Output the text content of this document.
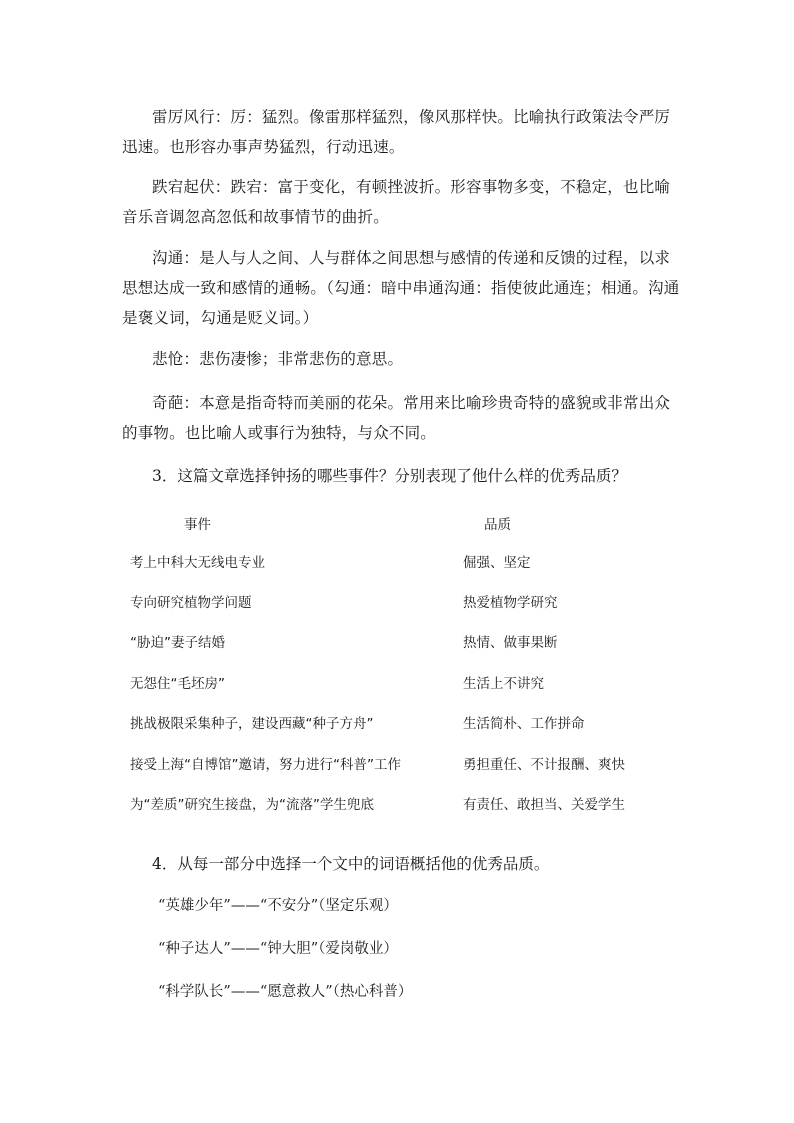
雷厉风行：厉：猛烈。像雷那样猛烈，像风那样快。比喻执行政策法令严厉迅速。也形容办事声势猛烈，行动迅速。

跌宕起伏：跌宕：富于变化，有顿挫波折。形容事物多变，不稳定，也比喻音乐音调忽高忽低和故事情节的曲折。

沟通：是人与人之间、人与群体之间思想与感情的传递和反馈的过程，以求思想达成一致和感情的通畅。（勾通：暗中串通沟通：指使彼此通连；相通。沟通是褒义词，勾通是贬义词。）

悲怆：悲伤凄惨；非常悲伤的意思。

奇葩：本意是指奇特而美丽的花朵。常用来比喻珍贵奇特的盛貌或非常出众的事物。也比喻人或事行为独特，与众不同。

3．这篇文章选择钟扬的哪些事件？分别表现了他什么样的优秀品质？

事件	品质

考上中科大无线电专业	倔强、坚定

专向研究植物学问题	热爱植物学研究

“胁迫”妻子结婚	热情、做事果断

无怨住“毛坯房”	生活上不讲究

挑战极限采集种子，建设西藏“种子方舟”	生活简朴、工作拼命

接受上海“自博馆”邀请，努力进行“科普”工作	勇担重任、不计报酬、爽快

为“差质”研究生接盘，为“流落”学生兜底	有责任、敢担当、关爱学生

4．从每一部分中选择一个文中的词语概括他的优秀品质。

“英雄少年”——“不安分”（坚定乐观）

“种子达人”——“钟大胆”（爱岗敬业）

“科学队长”——“愿意救人”（热心科普）
